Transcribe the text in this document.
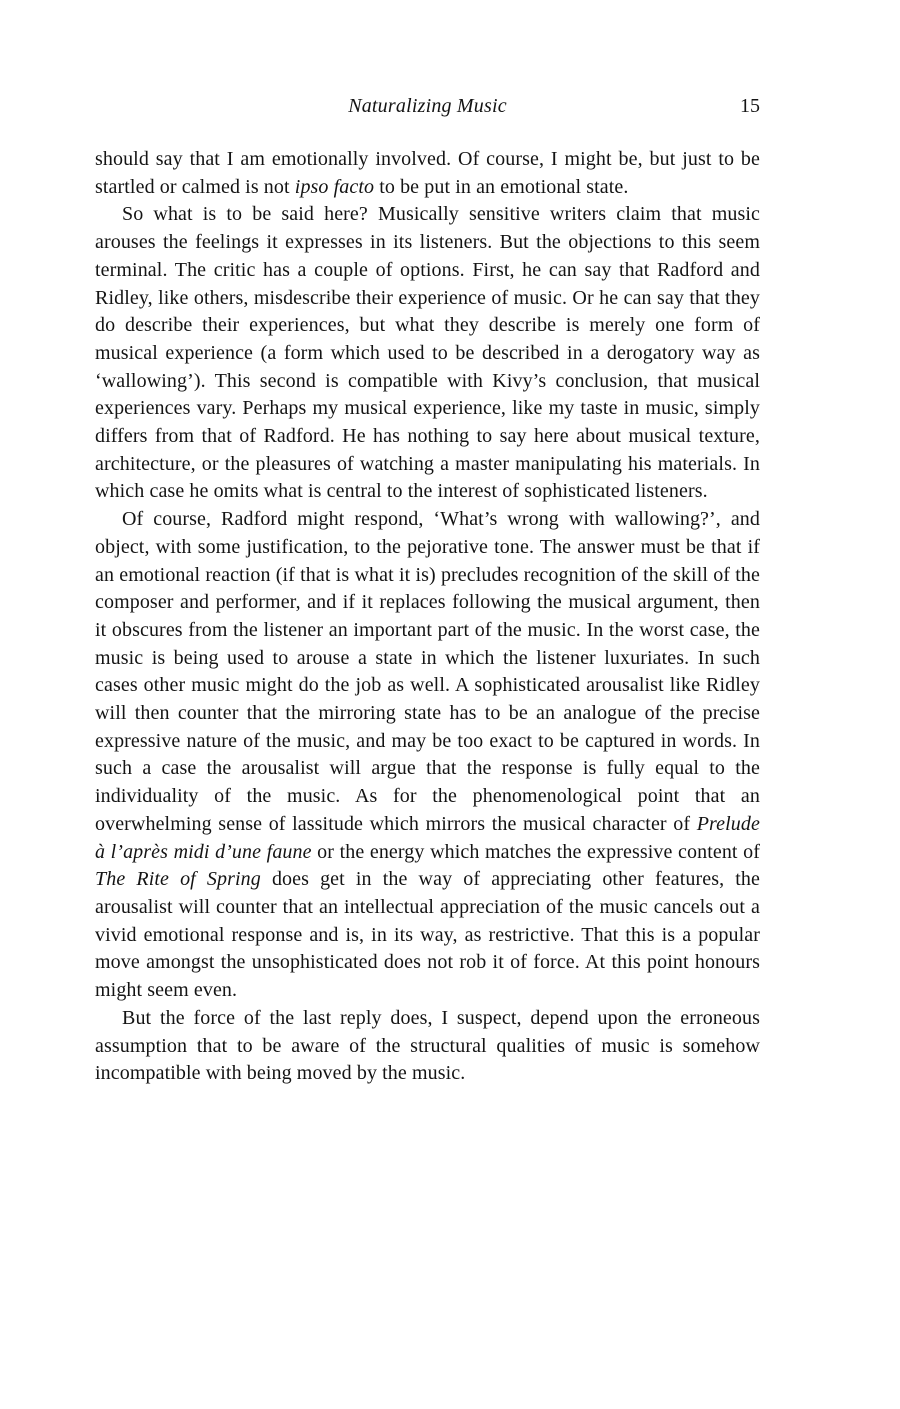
Naturalizing Music	15

should say that I am emotionally involved. Of course, I might be, but just to be startled or calmed is not ipso facto to be put in an emotional state.

So what is to be said here? Musically sensitive writers claim that music arouses the feelings it expresses in its listeners. But the objections to this seem terminal. The critic has a couple of options. First, he can say that Radford and Ridley, like others, misdescribe their experience of music. Or he can say that they do describe their experiences, but what they describe is merely one form of musical experience (a form which used to be described in a derogatory way as ‘wallowing’). This second is compatible with Kivy’s conclusion, that musical experiences vary. Perhaps my musical experience, like my taste in music, simply differs from that of Radford. He has nothing to say here about musical texture, architecture, or the pleasures of watching a master manipulating his materials. In which case he omits what is central to the interest of sophisticated listeners.

Of course, Radford might respond, ‘What’s wrong with wallowing?’, and object, with some justification, to the pejorative tone. The answer must be that if an emotional reaction (if that is what it is) precludes recognition of the skill of the composer and performer, and if it replaces following the musical argument, then it obscures from the listener an important part of the music. In the worst case, the music is being used to arouse a state in which the listener luxuriates. In such cases other music might do the job as well. A sophisticated arousalist like Ridley will then counter that the mirroring state has to be an analogue of the precise expressive nature of the music, and may be too exact to be captured in words. In such a case the arousalist will argue that the response is fully equal to the individuality of the music. As for the phenomenological point that an overwhelming sense of lassitude which mirrors the musical character of Prelude à l’après midi d’une faune or the energy which matches the expressive content of The Rite of Spring does get in the way of appreciating other features, the arousalist will counter that an intellectual appreciation of the music cancels out a vivid emotional response and is, in its way, as restrictive. That this is a popular move amongst the unsophisticated does not rob it of force. At this point honours might seem even.

But the force of the last reply does, I suspect, depend upon the erroneous assumption that to be aware of the structural qualities of music is somehow incompatible with being moved by the music.
